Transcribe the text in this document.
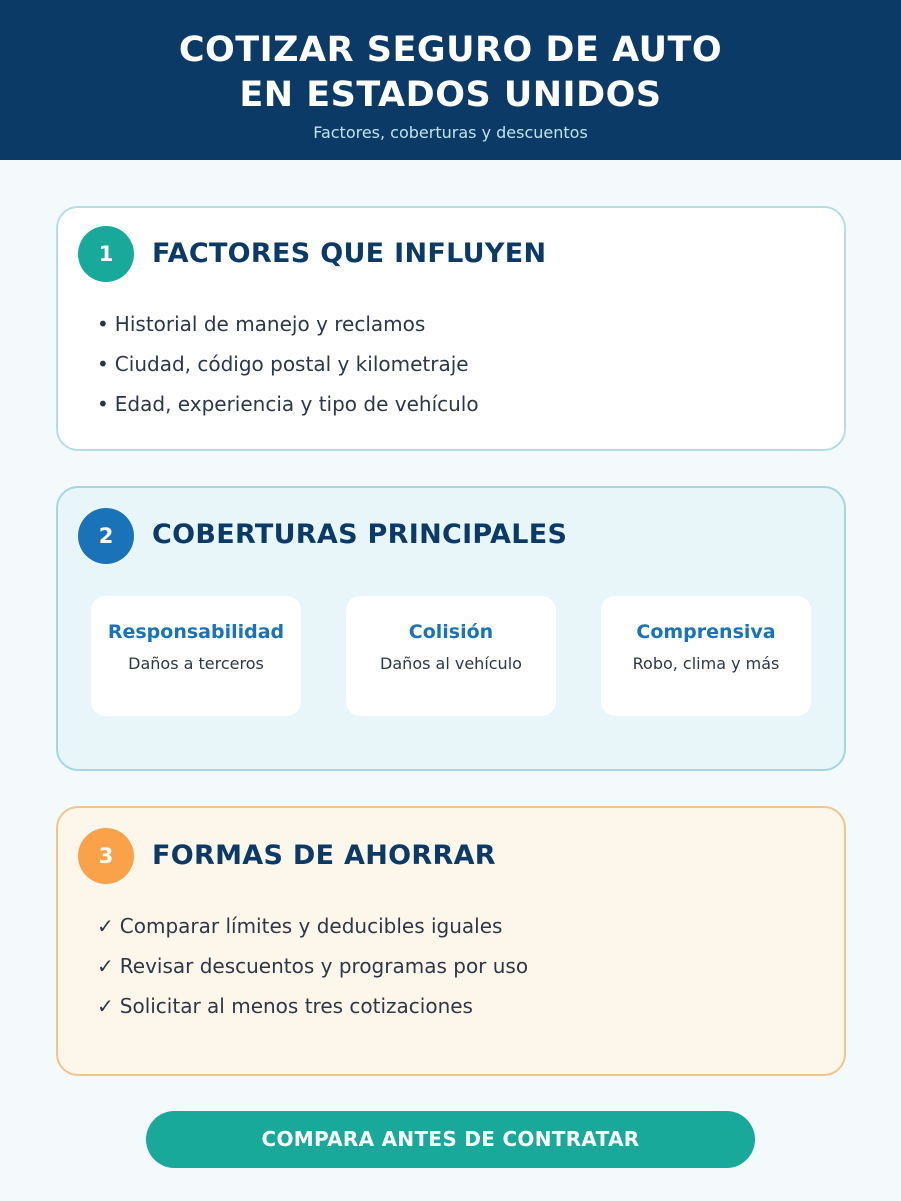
COTIZAR SEGURO DE AUTO
EN ESTADOS UNIDOS
Factores, coberturas y descuentos
1	FACTORES QUE INFLUYEN
• Historial de manejo y reclamos
• Ciudad, código postal y kilometraje
• Edad, experiencia y tipo de vehículo
2	COBERTURAS PRINCIPALES
Responsabilidad
Daños a terceros
Colisión
Daños al vehículo
Comprensiva
Robo, clima y más
3	FORMAS DE AHORRAR
✓ Comparar límites y deducibles iguales
✓ Revisar descuentos y programas por uso
✓ Solicitar al menos tres cotizaciones
COMPARA ANTES DE CONTRATAR
